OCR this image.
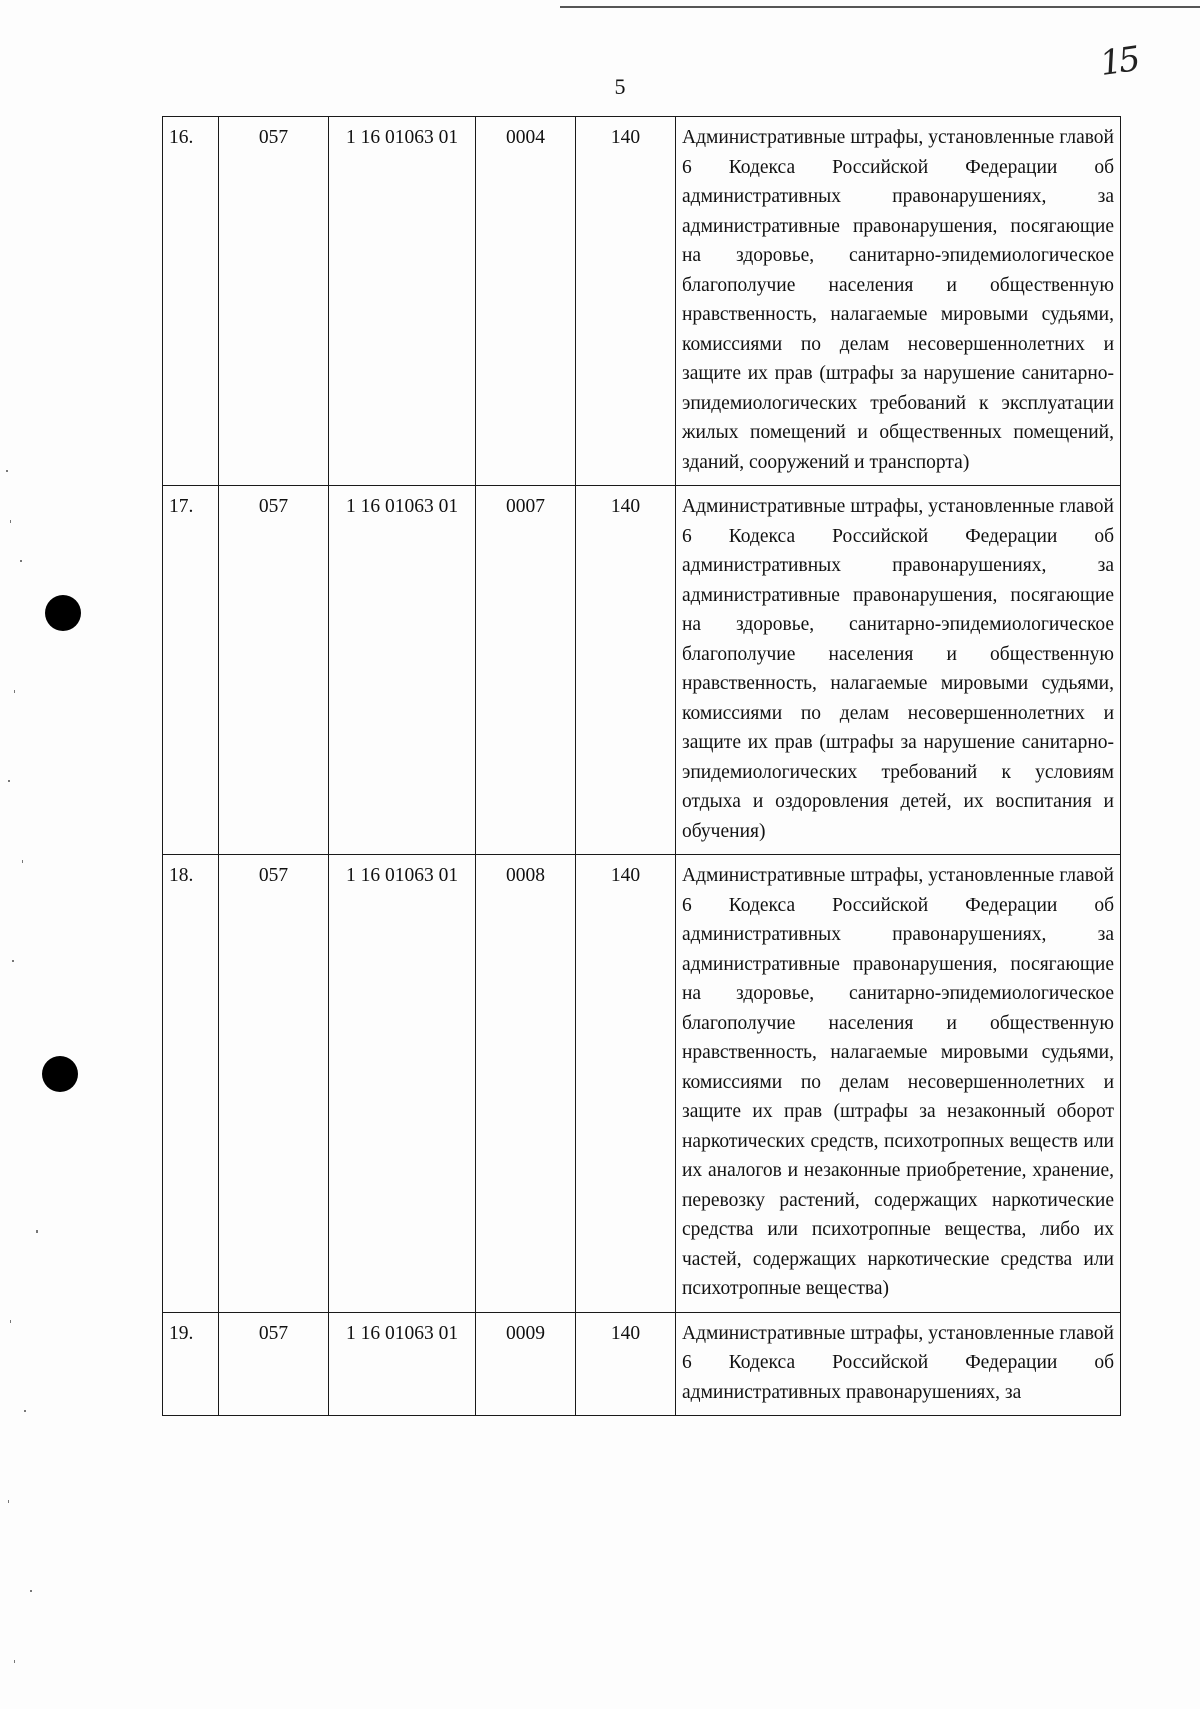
5
15
16.	057	1 16 01063 01	0004	140	Административные штрафы, установленные главой 6 Кодекса Российской Федерации об административных правонарушениях, за административные правонарушения, посягающие на здоровье, санитарно-эпидемиологическое благополучие населения и общественную нравственность, налагаемые мировыми судьями, комиссиями по делам несовершеннолетних и защите их прав (штрафы за нарушение санитарно-эпидемиологических требований к эксплуатации жилых помещений и общественных помещений, зданий, сооружений и транспорта)
17.	057	1 16 01063 01	0007	140	Административные штрафы, установленные главой 6 Кодекса Российской Федерации об административных правонарушениях, за административные правонарушения, посягающие на здоровье, санитарно-эпидемиологическое благополучие населения и общественную нравственность, налагаемые мировыми судьями, комиссиями по делам несовершеннолетних и защите их прав (штрафы за нарушение санитарно-эпидемиологических требований к условиям отдыха и оздоровления детей, их воспитания и обучения)
18.	057	1 16 01063 01	0008	140	Административные штрафы, установленные главой 6 Кодекса Российской Федерации об административных правонарушениях, за административные правонарушения, посягающие на здоровье, санитарно-эпидемиологическое благополучие населения и общественную нравственность, налагаемые мировыми судьями, комиссиями по делам несовершеннолетних и защите их прав (штрафы за незаконный оборот наркотических средств, психотропных веществ или их аналогов и незаконные приобретение, хранение, перевозку растений, содержащих наркотические средства или психотропные вещества, либо их частей, содержащих наркотические средства или психотропные вещества)
19.	057	1 16 01063 01	0009	140	Административные штрафы, установленные главой 6 Кодекса Российской Федерации об административных правонарушениях, за
